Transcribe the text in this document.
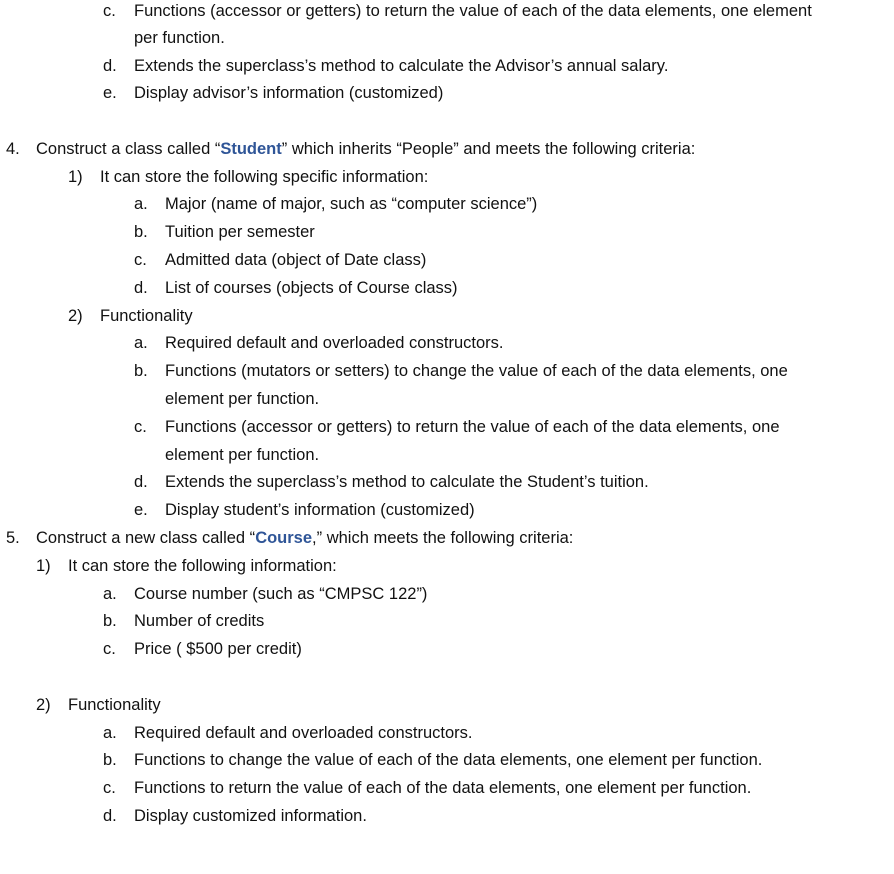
c. Functions (accessor or getters) to return the value of each of the data elements, one element
per function.
d. Extends the superclass’s method to calculate the Advisor’s annual salary.
e. Display advisor’s information (customized)
4. Construct a class called “Student” which inherits “People” and meets the following criteria:
1) It can store the following specific information:
a. Major (name of major, such as “computer science”)
b. Tuition per semester
c. Admitted data (object of Date class)
d. List of courses (objects of Course class)
2) Functionality
a. Required default and overloaded constructors.
b. Functions (mutators or setters) to change the value of each of the data elements, one
element per function.
c. Functions (accessor or getters) to return the value of each of the data elements, one
element per function.
d. Extends the superclass’s method to calculate the Student’s tuition.
e. Display student’s information (customized)
5. Construct a new class called “Course,” which meets the following criteria:
1) It can store the following information:
a. Course number (such as “CMPSC 122”)
b. Number of credits
c. Price ( $500 per credit)
2) Functionality
a. Required default and overloaded constructors.
b. Functions to change the value of each of the data elements, one element per function.
c. Functions to return the value of each of the data elements, one element per function.
d. Display customized information.
